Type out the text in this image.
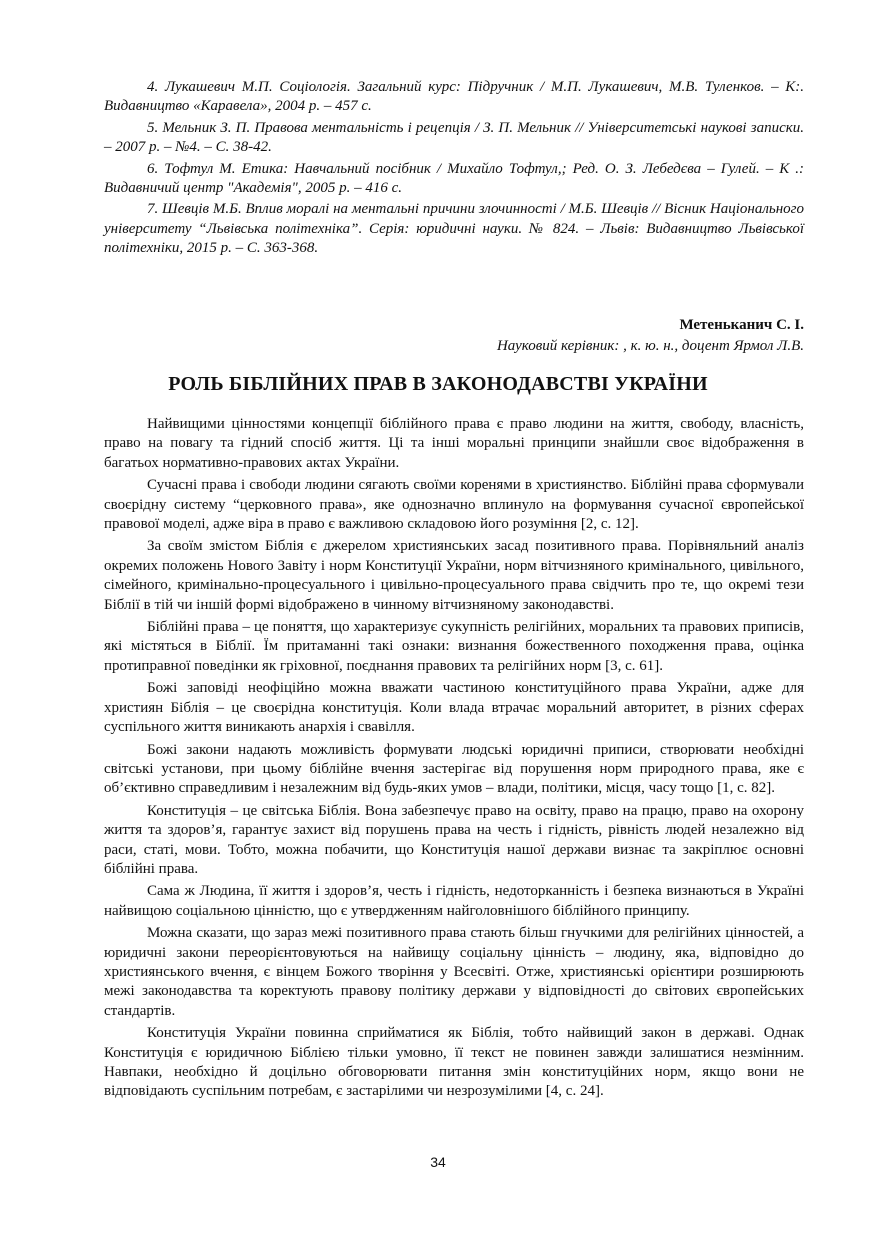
4. Лукашевич М.П. Соціологія. Загальний курс: Підручник / М.П. Лукашевич, М.В. Туленков. – К:. Видавництво «Каравела», 2004 р. – 457 с.

5. Мельник З. П. Правова ментальність і рецепція / З. П. Мельник // Університетські наукові записки. – 2007 р. – №4. – С. 38-42.

6. Тофтул М. Етика: Навчальний посібник / Михайло Тофтул,; Ред. О. З. Лебедєва – Гулей. – К .: Видавничий центр "Академія", 2005 р. – 416 с.

7. Шевців М.Б. Вплив моралі на ментальні причини злочинності / М.Б. Шевців // Вісник Національного університету “Львівська політехніка”. Серія: юридичні науки. № 824. – Львів: Видавництво Львівської політехніки, 2015 р. – С. 363-368.

Метеньканич С. І.

Науковий керівник: , к. ю. н., доцент Ярмол Л.В.

РОЛЬ БІБЛІЙНИХ ПРАВ В ЗАКОНОДАВСТВІ УКРАЇНИ

Найвищими цінностями концепції біблійного права є право людини на життя, свободу, власність, право на повагу та гідний спосіб життя. Ці та інші моральні принципи знайшли своє відображення в багатьох нормативно-правових актах України.

Сучасні права і свободи людини сягають своїми коренями в християнство. Біблійні права сформували своєрідну систему “церковного права», яке однозначно вплинуло на формування сучасної європейської правової моделі, адже віра в право є важливою складовою його розуміння [2, с. 12].

За своїм змістом Біблія є джерелом християнських засад позитивного права. Порівняльний аналіз окремих положень Нового Завіту і норм Конституції України, норм вітчизняного кримінального, цивільного, сімейного, кримінально-процесуального і цивільно-процесуального права свідчить про те, що окремі тези Біблії в тій чи іншій формі відображено в чинному вітчизняному законодавстві.

Біблійні права – це поняття, що характеризує сукупність релігійних, моральних та правових приписів, які містяться в Біблії. Їм притаманні такі ознаки: визнання божественного походження права, оцінка протиправної поведінки як гріховної, поєднання правових та релігійних норм [3, с. 61].

Божі заповіді неофіційно можна вважати частиною конституційного права України, адже для християн Біблія – це своєрідна конституція. Коли влада втрачає моральний авторитет, в різних сферах суспільного життя виникають анархія і свавілля.

Божі закони надають можливість формувати людські юридичні приписи, створювати необхідні світські установи, при цьому біблійне вчення застерігає від порушення норм природного права, яке є об’єктивно справедливим і незалежним від будь-яких умов – влади, політики, місця, часу тощо [1, с. 82].

Конституція – це світська Біблія. Вона забезпечує право на освіту, право на працю, право на охорону життя та здоров’я, гарантує захист від порушень права на честь і гідність, рівність людей незалежно від раси, статі, мови. Тобто, можна побачити, що Конституція нашої держави визнає та закріплює основні біблійні права.

Сама ж Людина, її життя і здоров’я, честь і гідність, недоторканність і безпека визнаються в Україні найвищою соціальною цінністю, що є утвердженням найголовнішого біблійного принципу.

Можна сказати, що зараз межі позитивного права стають більш гнучкими для релігійних цінностей, а юридичні закони переорієнтовуються на найвищу соціальну цінність – людину, яка, відповідно до християнського вчення, є вінцем Божого творіння у Всесвіті. Отже, християнські орієнтири розширюють межі законодавства та коректують правову політику держави у відповідності до світових європейських стандартів.

Конституція України повинна сприйматися як Біблія, тобто найвищий закон в державі. Однак Конституція є юридичною Біблією тільки умовно, її текст не повинен завжди залишатися незмінним. Навпаки, необхідно й доцільно обговорювати питання змін конституційних норм, якщо вони не відповідають суспільним потребам, є застарілими чи незрозумілими [4, с. 24].

34
